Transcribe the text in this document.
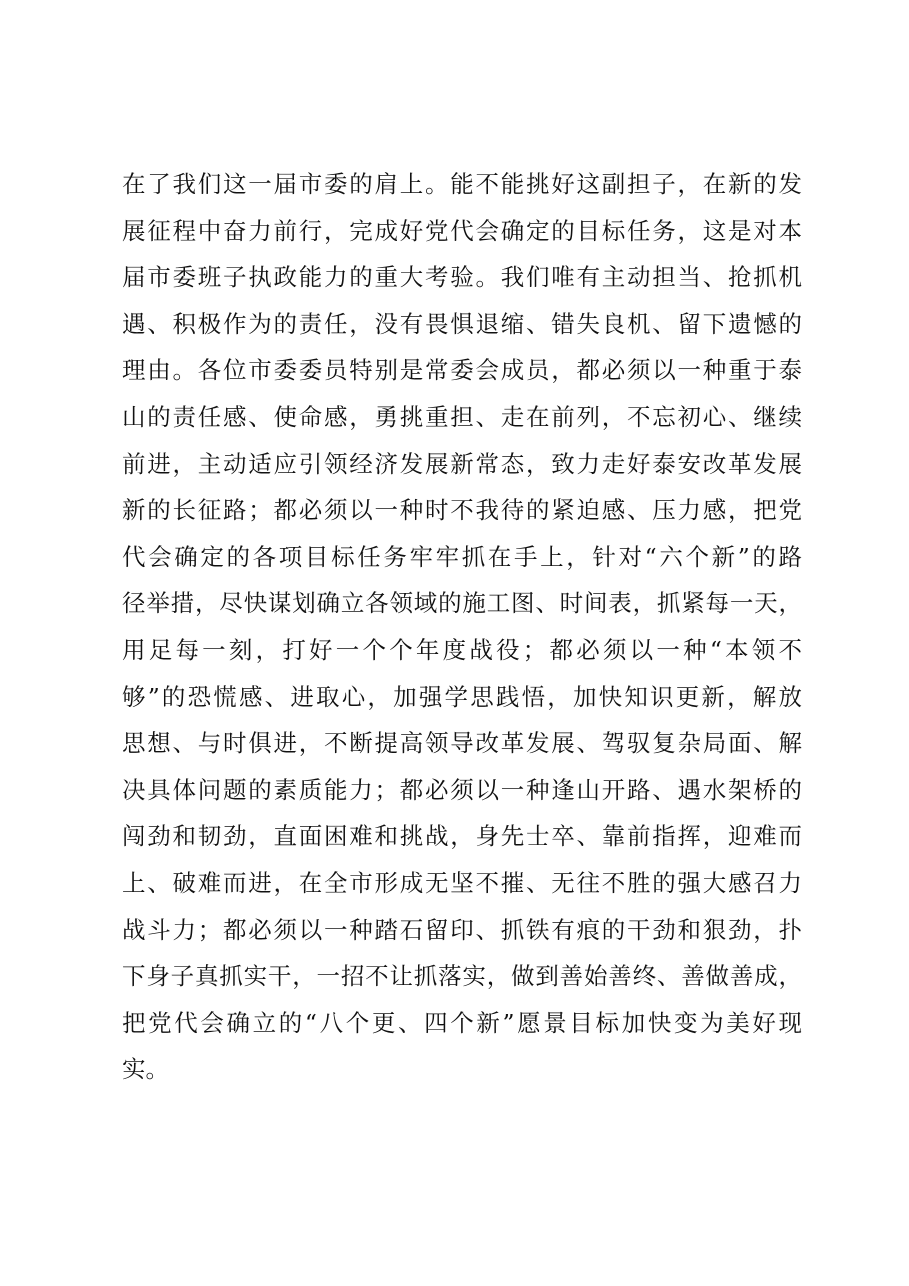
在了我们这一届市委的肩上。能不能挑好这副担子，在新的发
展征程中奋力前行，完成好党代会确定的目标任务，这是对本
届市委班子执政能力的重大考验。我们唯有主动担当、抢抓机
遇、积极作为的责任，没有畏惧退缩、错失良机、留下遗憾的
理由。各位市委委员特别是常委会成员，都必须以一种重于泰
山的责任感、使命感，勇挑重担、走在前列，不忘初心、继续
前进，主动适应引领经济发展新常态，致力走好泰安改革发展
新的长征路；都必须以一种时不我待的紧迫感、压力感，把党
代会确定的各项目标任务牢牢抓在手上，针对“六个新”的路
径举措，尽快谋划确立各领域的施工图、时间表，抓紧每一天，
用足每一刻，打好一个个年度战役；都必须以一种“本领不
够”的恐慌感、进取心，加强学思践悟，加快知识更新，解放
思想、与时俱进，不断提高领导改革发展、驾驭复杂局面、解
决具体问题的素质能力；都必须以一种逢山开路、遇水架桥的
闯劲和韧劲，直面困难和挑战，身先士卒、靠前指挥，迎难而
上、破难而进，在全市形成无坚不摧、无往不胜的强大感召力
战斗力；都必须以一种踏石留印、抓铁有痕的干劲和狠劲，扑
下身子真抓实干，一招不让抓落实，做到善始善终、善做善成，
把党代会确立的“八个更、四个新”愿景目标加快变为美好现
实。
